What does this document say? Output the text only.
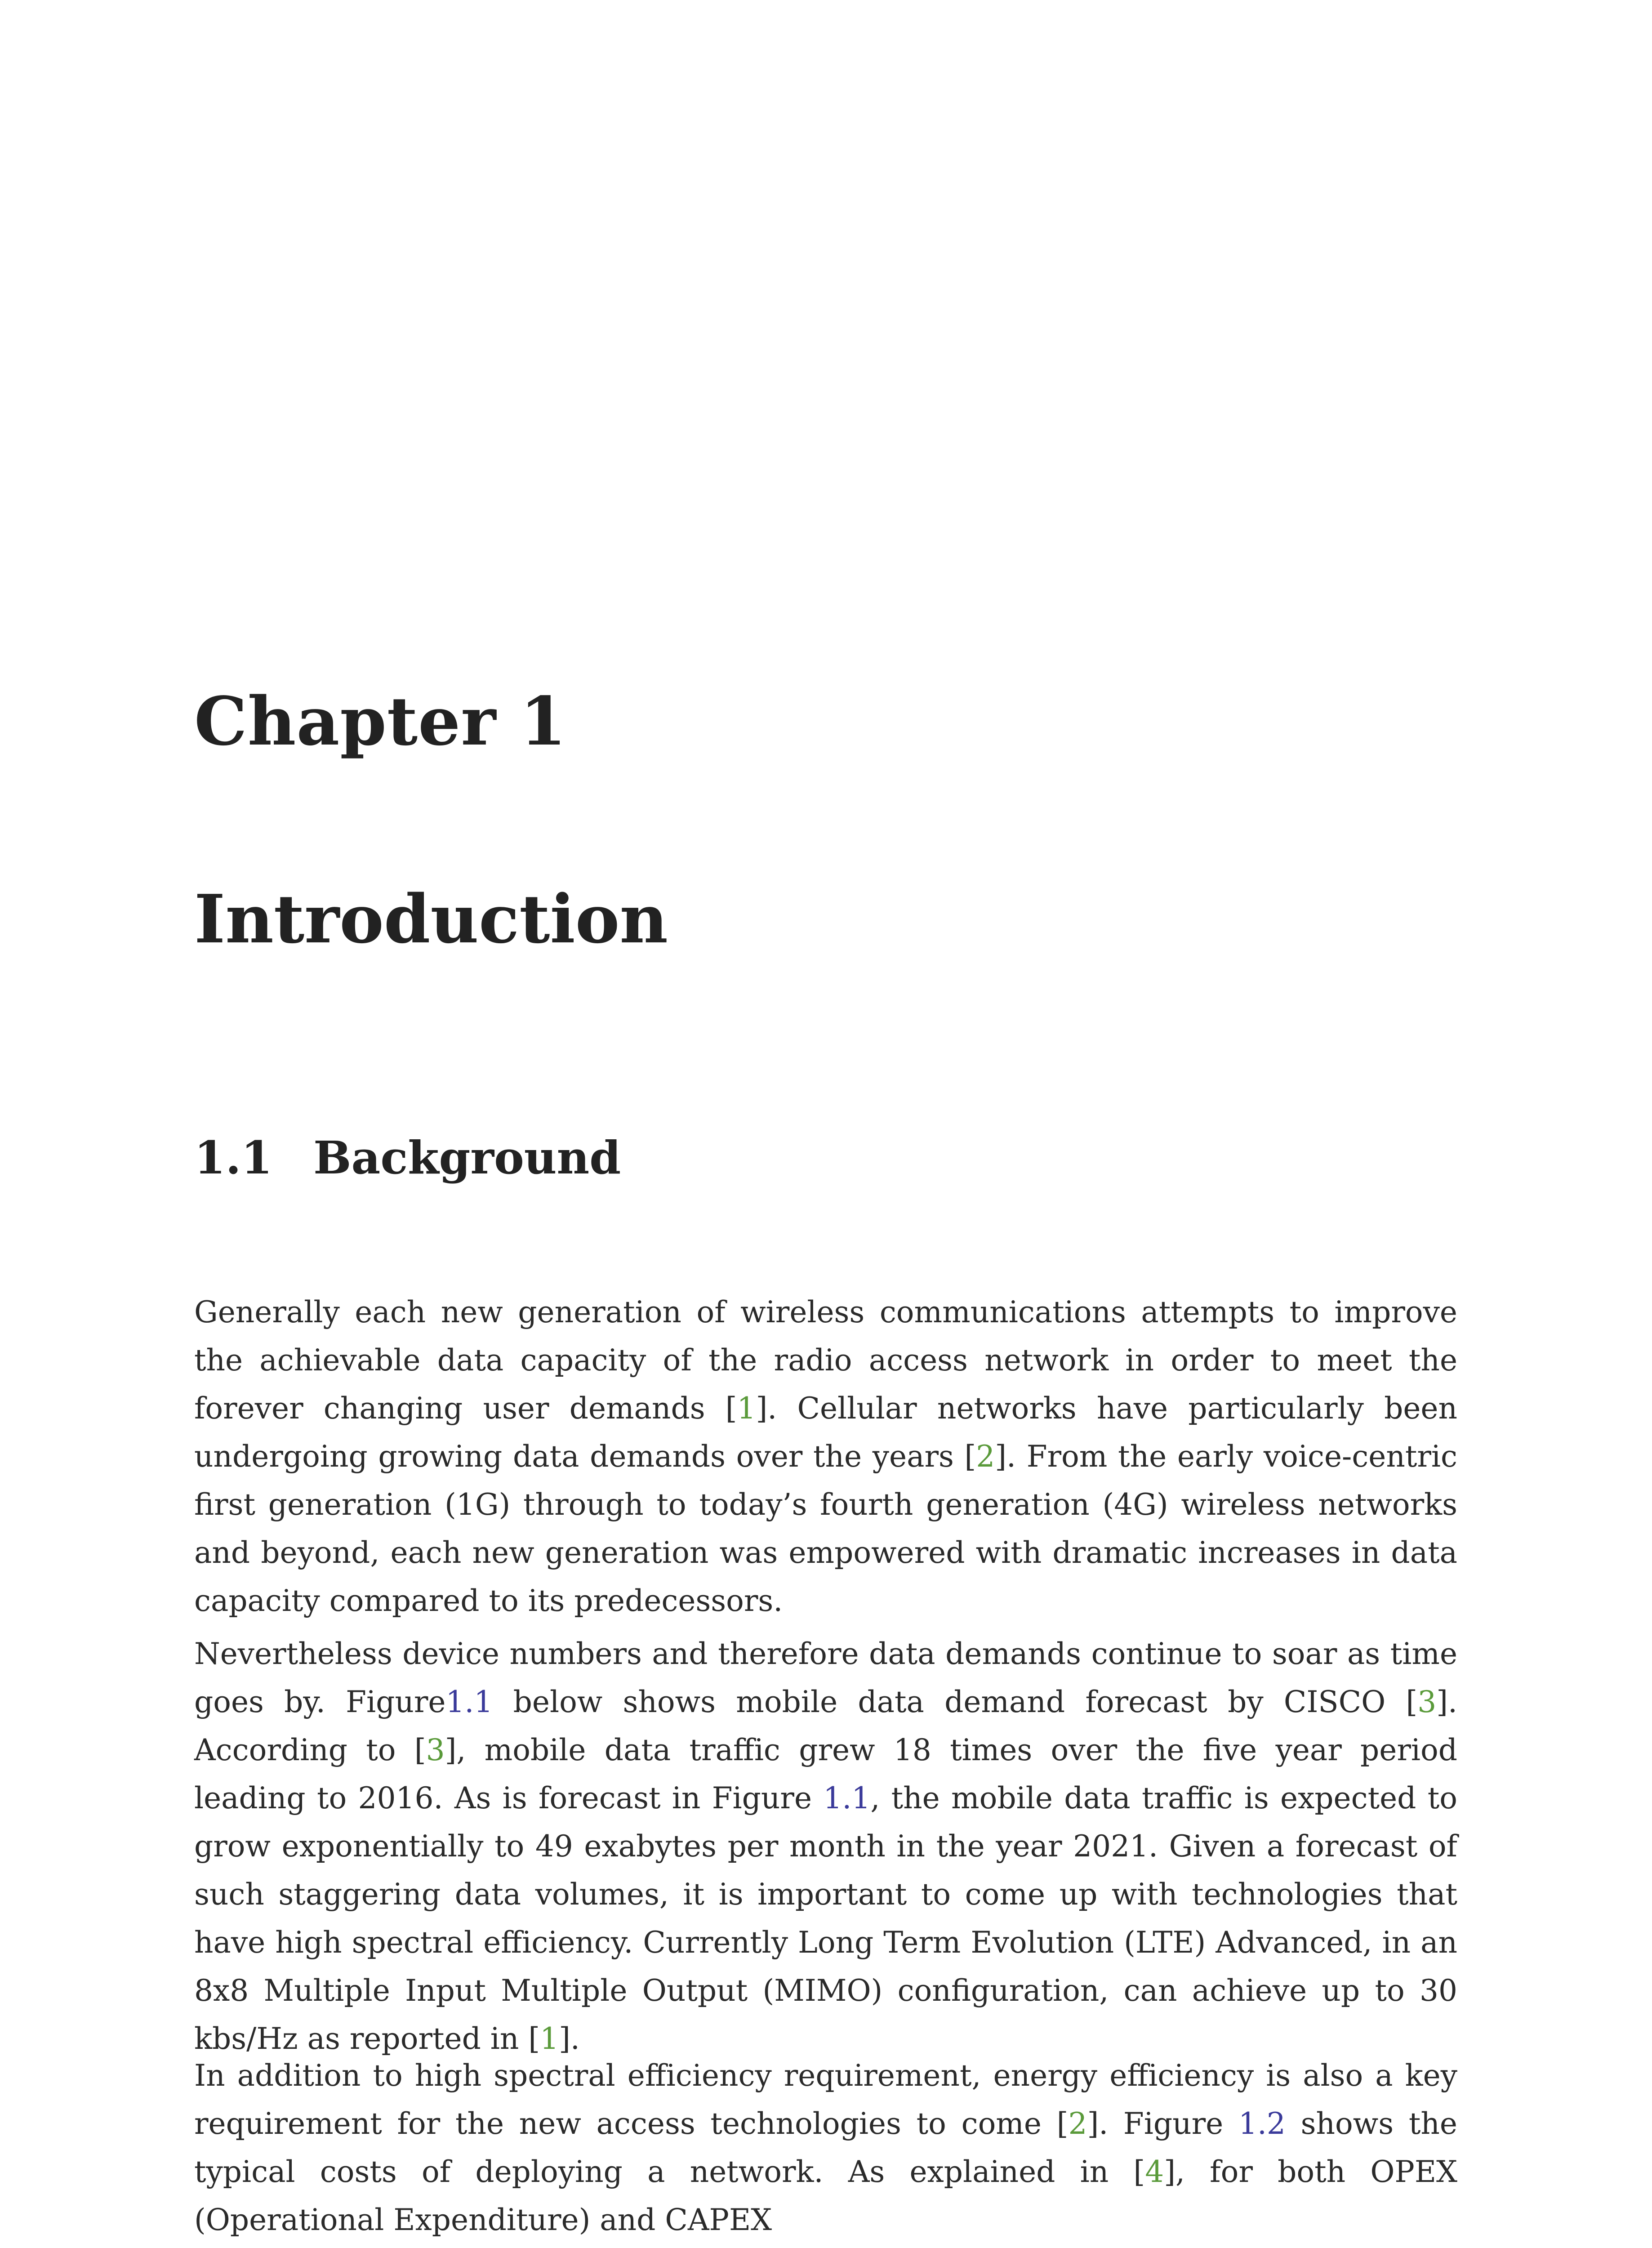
Chapter 1
Introduction
1.1 Background

Generally each new generation of wireless communications attempts to improve the achievable data capacity of the radio access network in order to meet the forever changing user demands [1]. Cellular networks have particularly been undergoing growing data demands over the years [2]. From the early voice-centric first generation (1G) through to today’s fourth generation (4G) wireless networks and beyond, each new generation was empowered with dramatic increases in data capacity compared to its predecessors.

Nevertheless device numbers and therefore data demands continue to soar as time goes by. Figure1.1 below shows mobile data demand forecast by CISCO [3]. According to [3], mobile data traffic grew 18 times over the five year period leading to 2016. As is forecast in Figure 1.1, the mobile data traffic is expected to grow exponentially to 49 exabytes per month in the year 2021. Given a forecast of such staggering data volumes, it is important to come up with technologies that have high spectral efficiency. Currently Long Term Evolution (LTE) Advanced, in an 8x8 Multiple Input Multiple Output (MIMO) configuration, can achieve up to 30 kbs/Hz as reported in [1].

In addition to high spectral efficiency requirement, energy efficiency is also a key requirement for the new access technologies to come [2]. Figure 1.2 shows the typical costs of deploying a network. As explained in [4], for both OPEX (Operational Expenditure) and CAPEX
